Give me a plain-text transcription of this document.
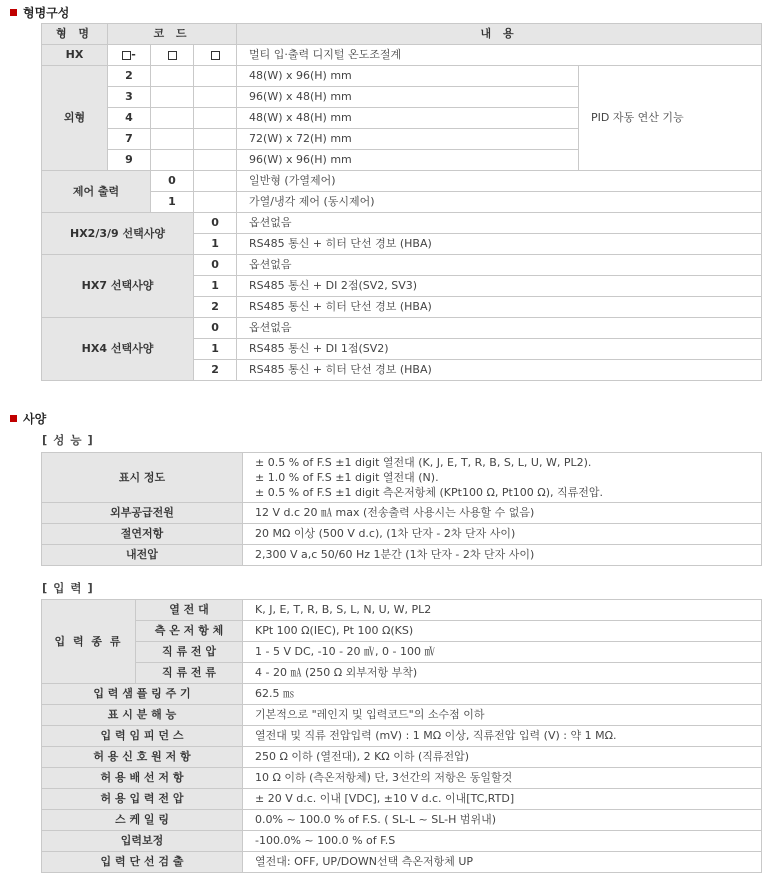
형명구성
형 명	코 드			내 용	
HX	-			멀티 입·출력 디지털 온도조절계	
외형	2			48(W) x 96(H) mm	PID 자동 연산 기능
	3			96(W) x 48(H) mm	
	4			48(W) x 48(H) mm	
	7			72(W) x 72(H) mm	
	9			96(W) x 96(H) mm	
제어 출력		0		일반형 (가열제어)	
		1		가열/냉각 제어 (동시제어)	
HX2/3/9 선택사양			0	옵션없음	
			1	RS485 통신 + 히터 단선 경보 (HBA)	
HX7 선택사양			0	옵션없음	
			1	RS485 통신 + DI 2점(SV2, SV3)	
			2	RS485 통신 + 히터 단선 경보 (HBA)	
HX4 선택사양			0	옵션없음	
			1	RS485 통신 + DI 1점(SV2)	
			2	RS485 통신 + 히터 단선 경보 (HBA)	
사양
[ 성 능 ]
표시 정도	± 0.5 % of F.S ±1 digit 열전대 (K, J, E, T, R, B, S, L, U, W, PL2).
± 1.0 % of F.S ±1 digit 열전대 (N).
± 0.5 % of F.S ±1 digit 측온저항체 (KPt100 Ω, Pt100 Ω), 직류전압.

외부공급전원	12 V d.c 20 ㎃ max (전송출력 사용시는 사용할 수 없음)
절연저항	20 MΩ 이상 (500 V d.c), (1차 단자 - 2차 단자 사이)
내전압	2,300 V a,c 50/60 Hz 1분간 (1차 단자 - 2차 단자 사이)
[ 입 력 ]
입 력 종 류	열 전 대	K, J, E, T, R, B, S, L, N, U, W, PL2
	측 온 저 항 체	KPt 100 Ω(IEC), Pt 100 Ω(KS)
	직 류 전 압	1 - 5 V DC, -10 - 20 ㎷, 0 - 100 ㎷
	직 류 전 류	4 - 20 ㎃ (250 Ω 외부저항 부착)
입 력 샘 플 링 주 기		62.5 ㎳
표 시 분 해 능		기본적으로 "레인지 및 입력코드"의 소수점 이하
입 력 임 피 던 스		열전대 및 직류 전압입력 (mV) : 1 MΩ 이상, 직류전압 입력 (V) : 약 1 MΩ.
허 용 신 호 원 저 항		250 Ω 이하 (열전대), 2 KΩ 이하 (직류전압)
허 용 배 선 저 항		10 Ω 이하 (측온저항체) 단, 3선간의 저항은 동일할것
허 용 입 력 전 압		± 20 V d.c. 이내 [VDC], ±10 V d.c. 이내[TC,RTD]
스 케 일 링		0.0% ~ 100.0 % of F.S. ( SL-L ~ SL-H 범위내)
입력보정		-100.0% ~ 100.0 % of F.S
입 력 단 선 검 출		열전대: OFF, UP/DOWN선택 측온저항체 UP
